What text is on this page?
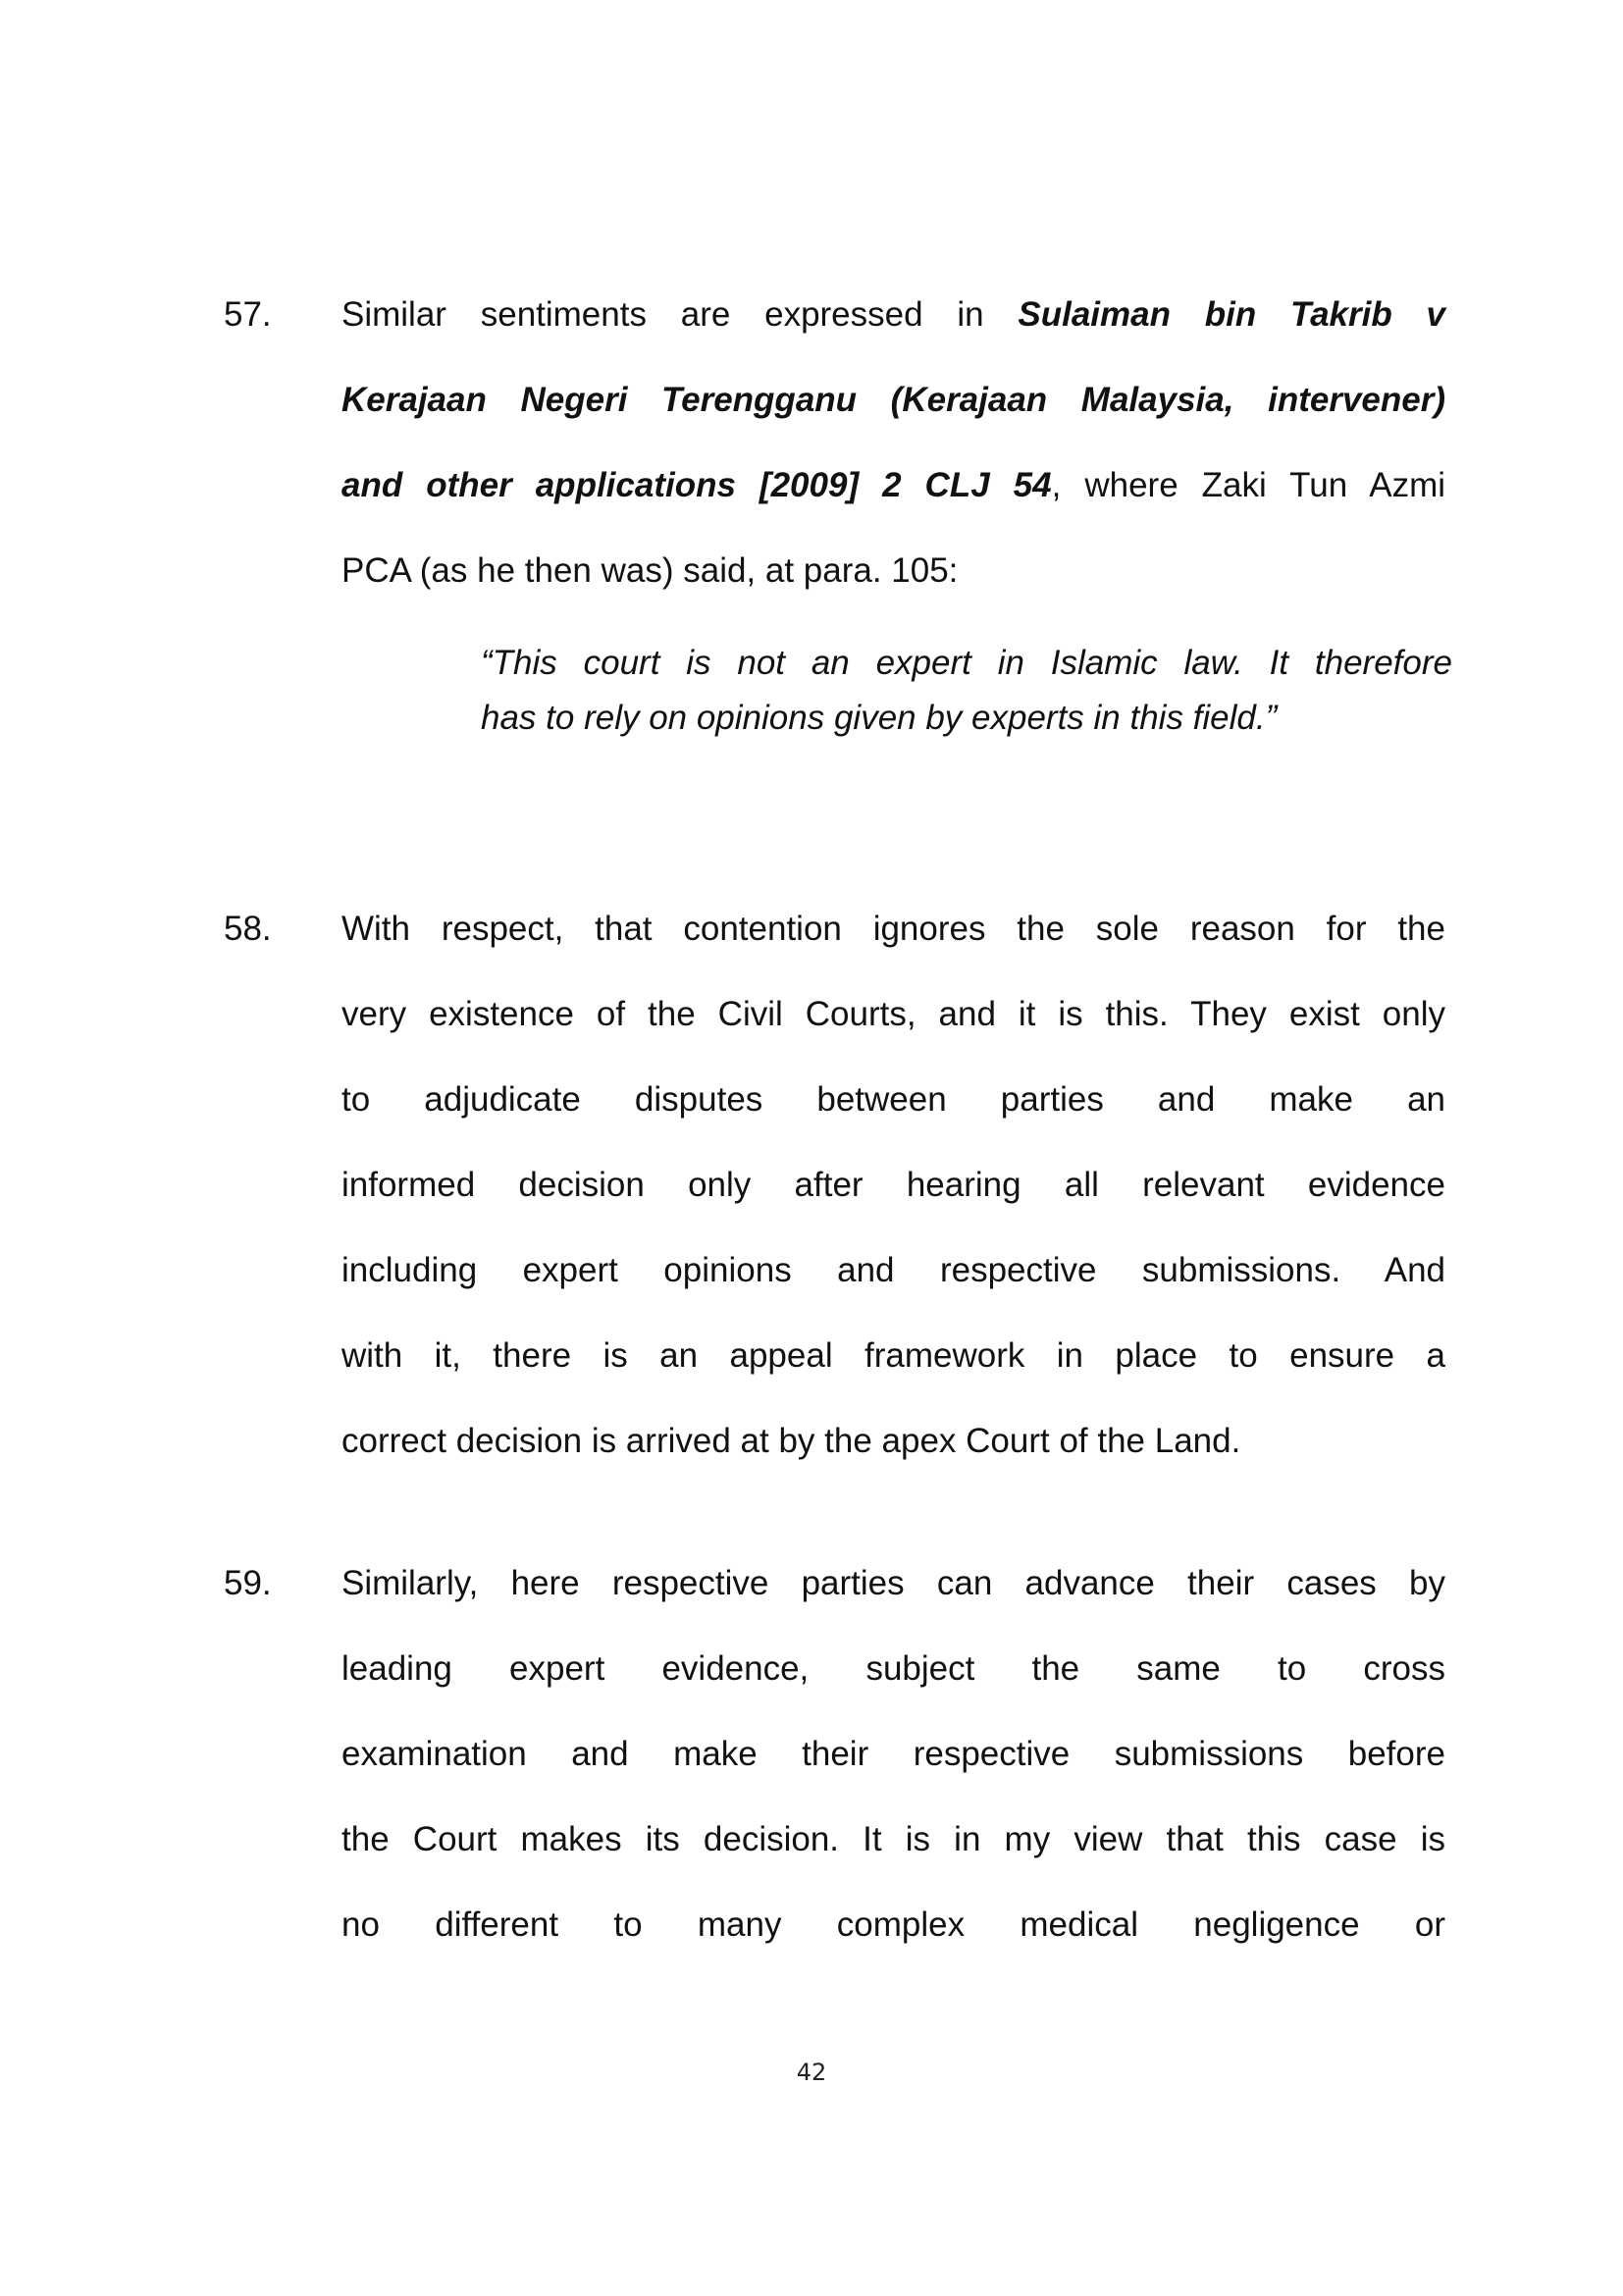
57. Similar sentiments are expressed in Sulaiman bin Takrib v
Kerajaan Negeri Terengganu (Kerajaan Malaysia, intervener)
and other applications [2009] 2 CLJ 54, where Zaki Tun Azmi
PCA (as he then was) said, at para. 105:
“This court is not an expert in Islamic law. It therefore
has to rely on opinions given by experts in this field.”
58. With respect, that contention ignores the sole reason for the
very existence of the Civil Courts, and it is this. They exist only
to adjudicate disputes between parties and make an
informed decision only after hearing all relevant evidence
including expert opinions and respective submissions. And
with it, there is an appeal framework in place to ensure a
correct decision is arrived at by the apex Court of the Land.
59. Similarly, here respective parties can advance their cases by
leading expert evidence, subject the same to cross
examination and make their respective submissions before
the Court makes its decision. It is in my view that this case is
no different to many complex medical negligence or
42
